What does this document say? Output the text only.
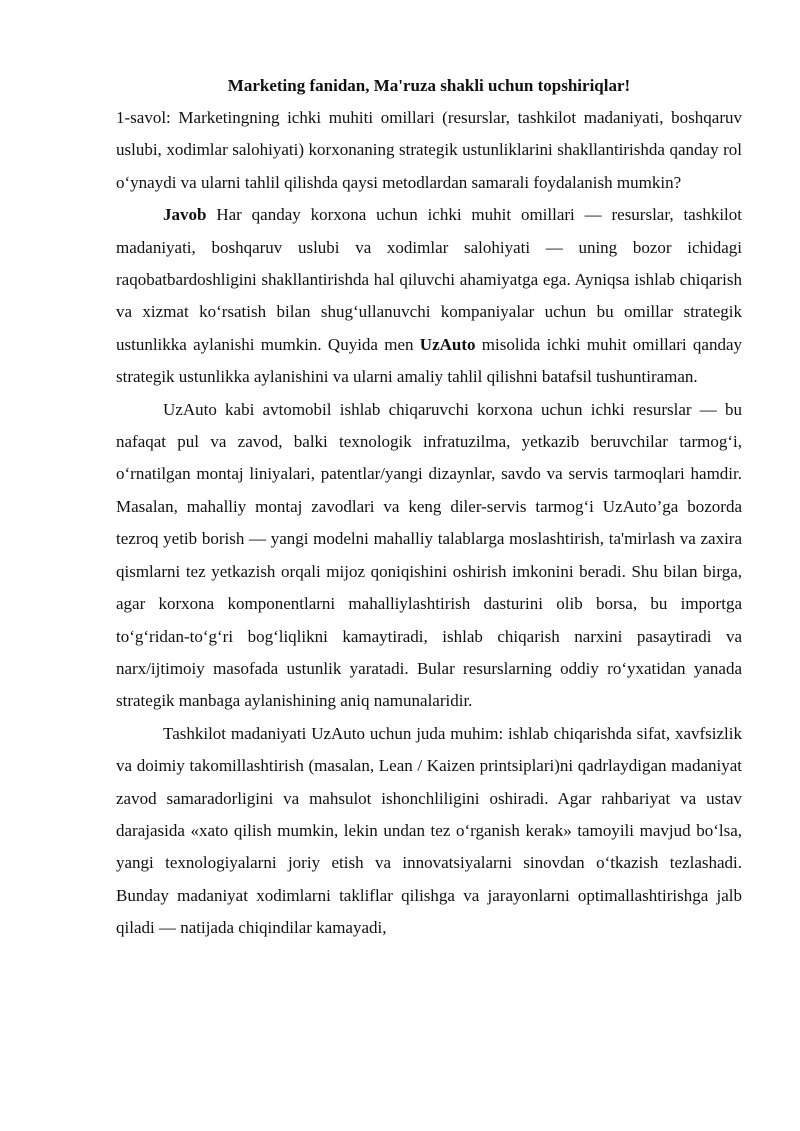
Marketing fanidan, Ma'ruza shakli uchun topshiriqlar!

1-savol: Marketingning ichki muhiti omillari (resurslar, tashkilot madaniyati, boshqaruv uslubi, xodimlar salohiyati) korxonaning strategik ustunliklarini shakllantirishda qanday rol o‘ynaydi va ularni tahlil qilishda qaysi metodlardan samarali foydalanish mumkin?

Javob Har qanday korxona uchun ichki muhit omillari — resurslar, tashkilot madaniyati, boshqaruv uslubi va xodimlar salohiyati — uning bozor ichidagi raqobatbardoshligini shakllantirishda hal qiluvchi ahamiyatga ega. Ayniqsa ishlab chiqarish va xizmat ko‘rsatish bilan shug‘ullanuvchi kompaniyalar uchun bu omillar strategik ustunlikka aylanishi mumkin. Quyida men UzAuto misolida ichki muhit omillari qanday strategik ustunlikka aylanishini va ularni amaliy tahlil qilishni batafsil tushuntiraman.

UzAuto kabi avtomobil ishlab chiqaruvchi korxona uchun ichki resurslar — bu nafaqat pul va zavod, balki texnologik infratuzilma, yetkazib beruvchilar tarmog‘i, o‘rnatilgan montaj liniyalari, patentlar/yangi dizaynlar, savdo va servis tarmoqlari hamdir. Masalan, mahalliy montaj zavodlari va keng diler-servis tarmog‘i UzAuto’ga bozorda tezroq yetib borish — yangi modelni mahalliy talablarga moslashtirish, ta'mirlash va zaxira qismlarni tez yetkazish orqali mijoz qoniqishini oshirish imkonini beradi. Shu bilan birga, agar korxona komponentlarni mahalliylashtirish dasturini olib borsa, bu importga to‘g‘ridan-to‘g‘ri bog‘liqlikni kamaytiradi, ishlab chiqarish narxini pasaytiradi va narx/ijtimoiy masofada ustunlik yaratadi. Bular resurslarning oddiy ro‘yxatidan yanada strategik manbaga aylanishining aniq namunalaridir.

Tashkilot madaniyati UzAuto uchun juda muhim: ishlab chiqarishda sifat, xavfsizlik va doimiy takomillashtirish (masalan, Lean / Kaizen printsiplari)ni qadrlaydigan madaniyat zavod samaradorligini va mahsulot ishonchliligini oshiradi. Agar rahbariyat va ustav darajasida «xato qilish mumkin, lekin undan tez o‘rganish kerak» tamoyili mavjud bo‘lsa, yangi texnologiyalarni joriy etish va innovatsiyalarni sinovdan o‘tkazish tezlashadi. Bunday madaniyat xodimlarni takliflar qilishga va jarayonlarni optimallashtirishga jalb qiladi — natijada chiqindilar kamayadi,
